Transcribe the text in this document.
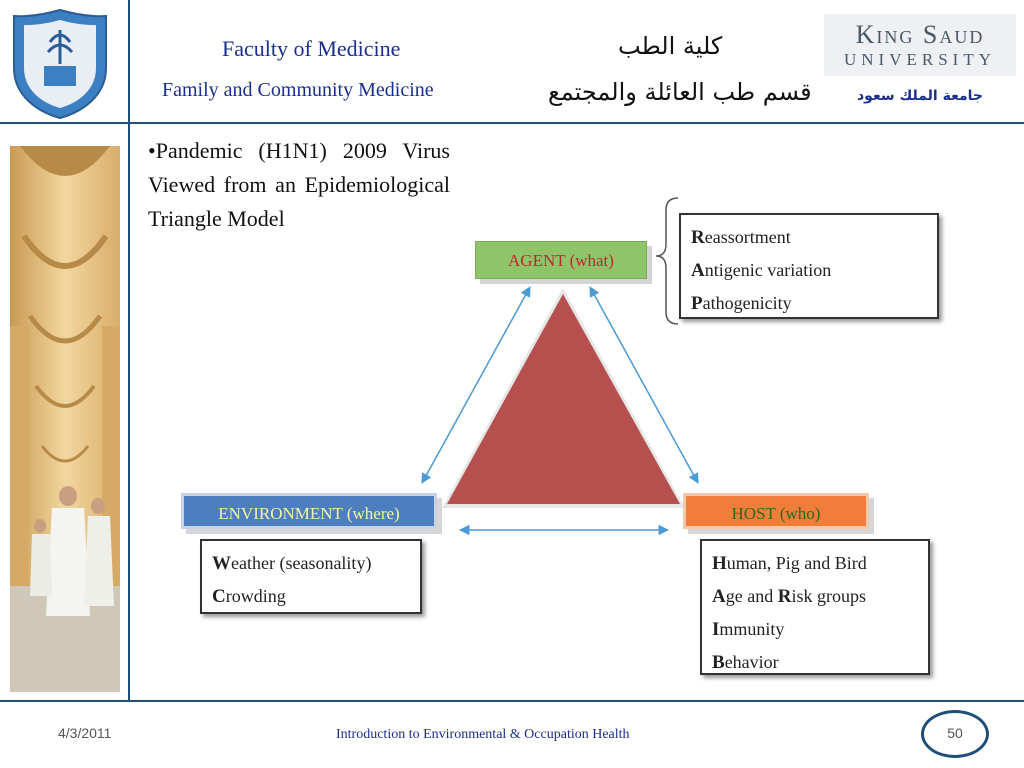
Faculty of Medicine
Family and Community Medicine
كلية الطب
قسم طب العائلة والمجتمع
King Saud
UNIVERSITY
جامعة الملك سعود
•Pandemic (H1N1) 2009 Virus Viewed from an Epidemiological Triangle Model
AGENT (what)
Reassortment
Antigenic variation
Pathogenicity
ENVIRONMENT (where)
Weather (seasonality)
Crowding
HOST (who)
Human, Pig and Bird
Age and Risk groups
Immunity
Behavior
4/3/2011	Introduction to Environmental & Occupation Health	50
